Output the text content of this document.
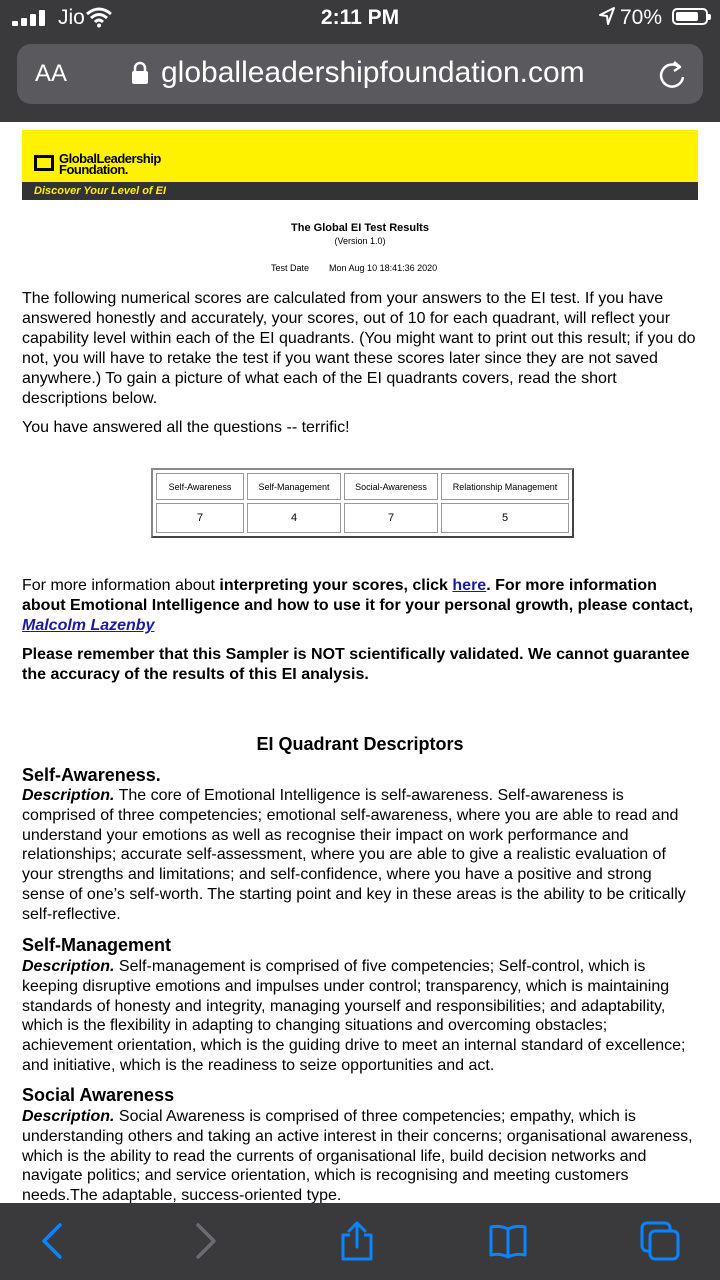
Jio	2:11 PM	70%
AA	globalleadershipfoundation.com
GlobalLeadership
Foundation.
Discover Your Level of EI
The Global EI Test Results
(Version 1.0)
Test Date Mon Aug 10 18:41:36 2020
The following numerical scores are calculated from your answers to the EI test. If you have answered honestly and accurately, your scores, out of 10 for each quadrant, will reflect your capability level within each of the EI quadrants. (You might want to print out this result; if you do not, you will have to retake the test if you want these scores later since they are not saved anywhere.) To gain a picture of what each of the EI quadrants covers, read the short descriptions below.
You have answered all the questions -- terrific!
Self-Awareness	Self-Management	Social-Awareness	Relationship Management
7	4	7	5
For more information about interpreting your scores, click here. For more information about Emotional Intelligence and how to use it for your personal growth, please contact, Malcolm Lazenby
Please remember that this Sampler is NOT scientifically validated. We cannot guarantee the accuracy of the results of this EI analysis.
EI Quadrant Descriptors
Self-Awareness.
Description. The core of Emotional Intelligence is self-awareness. Self-awareness is comprised of three competencies; emotional self-awareness, where you are able to read and understand your emotions as well as recognise their impact on work performance and relationships; accurate self-assessment, where you are able to give a realistic evaluation of your strengths and limitations; and self-confidence, where you have a positive and strong sense of one’s self-worth. The starting point and key in these areas is the ability to be critically self-reflective.
Self-Management
Description. Self-management is comprised of five competencies; Self-control, which is keeping disruptive emotions and impulses under control; transparency, which is maintaining standards of honesty and integrity, managing yourself and responsibilities; and adaptability, which is the flexibility in adapting to changing situations and overcoming obstacles; achievement orientation, which is the guiding drive to meet an internal standard of excellence; and initiative, which is the readiness to seize opportunities and act.
Social Awareness
Description. Social Awareness is comprised of three competencies; empathy, which is understanding others and taking an active interest in their concerns; organisational awareness, which is the ability to read the currents of organisational life, build decision networks and navigate politics; and service orientation, which is recognising and meeting customers needs.The adaptable, success-oriented type.
